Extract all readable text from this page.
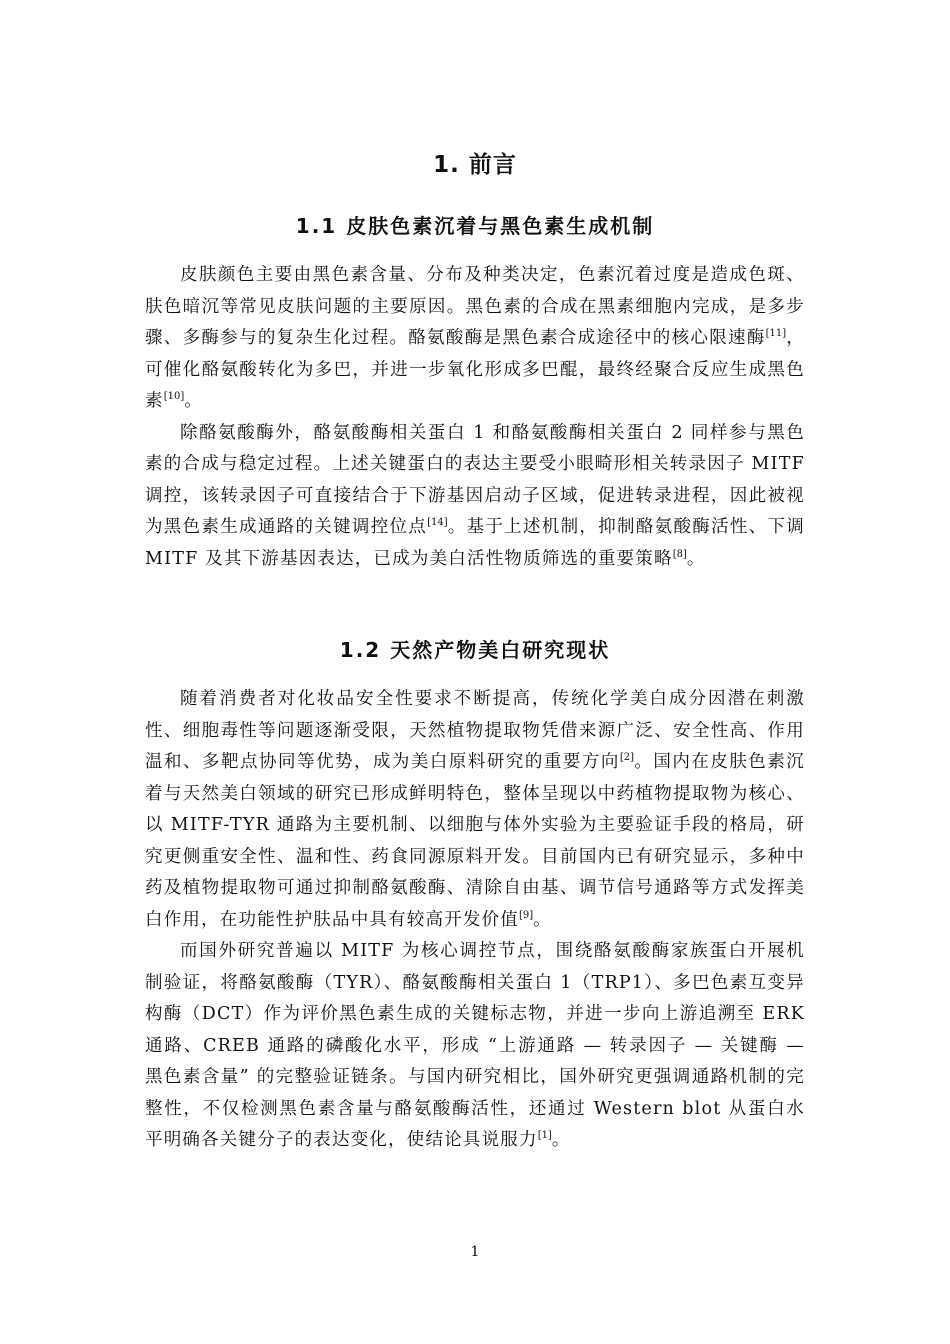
1. 前言
1.1 皮肤色素沉着与黑色素生成机制

皮肤颜色主要由黑色素含量、分布及种类决定，色素沉着过度是造成色斑、肤色暗沉等常见皮肤问题的主要原因。黑色素的合成在黑素细胞内完成，是多步骤、多酶参与的复杂生化过程。酪氨酸酶是黑色素合成途径中的核心限速酶[11]，可催化酪氨酸转化为多巴，并进一步氧化形成多巴醌，最终经聚合反应生成黑色素[10]。

除酪氨酸酶外，酪氨酸酶相关蛋白 1 和酪氨酸酶相关蛋白 2 同样参与黑色素的合成与稳定过程。上述关键蛋白的表达主要受小眼畸形相关转录因子 MITF 调控，该转录因子可直接结合于下游基因启动子区域，促进转录进程，因此被视为黑色素生成通路的关键调控位点[14]。基于上述机制，抑制酪氨酸酶活性、下调 MITF 及其下游基因表达，已成为美白活性物质筛选的重要策略[8]。

1.2 天然产物美白研究现状

随着消费者对化妆品安全性要求不断提高，传统化学美白成分因潜在刺激性、细胞毒性等问题逐渐受限，天然植物提取物凭借来源广泛、安全性高、作用温和、多靶点协同等优势，成为美白原料研究的重要方向[2]。国内在皮肤色素沉着与天然美白领域的研究已形成鲜明特色，整体呈现以中药植物提取物为核心、以 MITF-TYR 通路为主要机制、以细胞与体外实验为主要验证手段的格局，研究更侧重安全性、温和性、药食同源原料开发。目前国内已有研究显示，多种中药及植物提取物可通过抑制酪氨酸酶、清除自由基、调节信号通路等方式发挥美白作用，在功能性护肤品中具有较高开发价值[9]。

而国外研究普遍以 MITF 为核心调控节点，围绕酪氨酸酶家族蛋白开展机制验证，将酪氨酸酶（TYR）、酪氨酸酶相关蛋白 1（TRP1）、多巴色素互变异构酶（DCT）作为评价黑色素生成的关键标志物，并进一步向上游追溯至 ERK 通路、CREB 通路的磷酸化水平，形成 “上游通路 — 转录因子 — 关键酶 — 黑色素含量” 的完整验证链条。与国内研究相比，国外研究更强调通路机制的完整性，不仅检测黑色素含量与酪氨酸酶活性，还通过 Western blot 从蛋白水平明确各关键分子的表达变化，使结论具说服力[1]。

1
